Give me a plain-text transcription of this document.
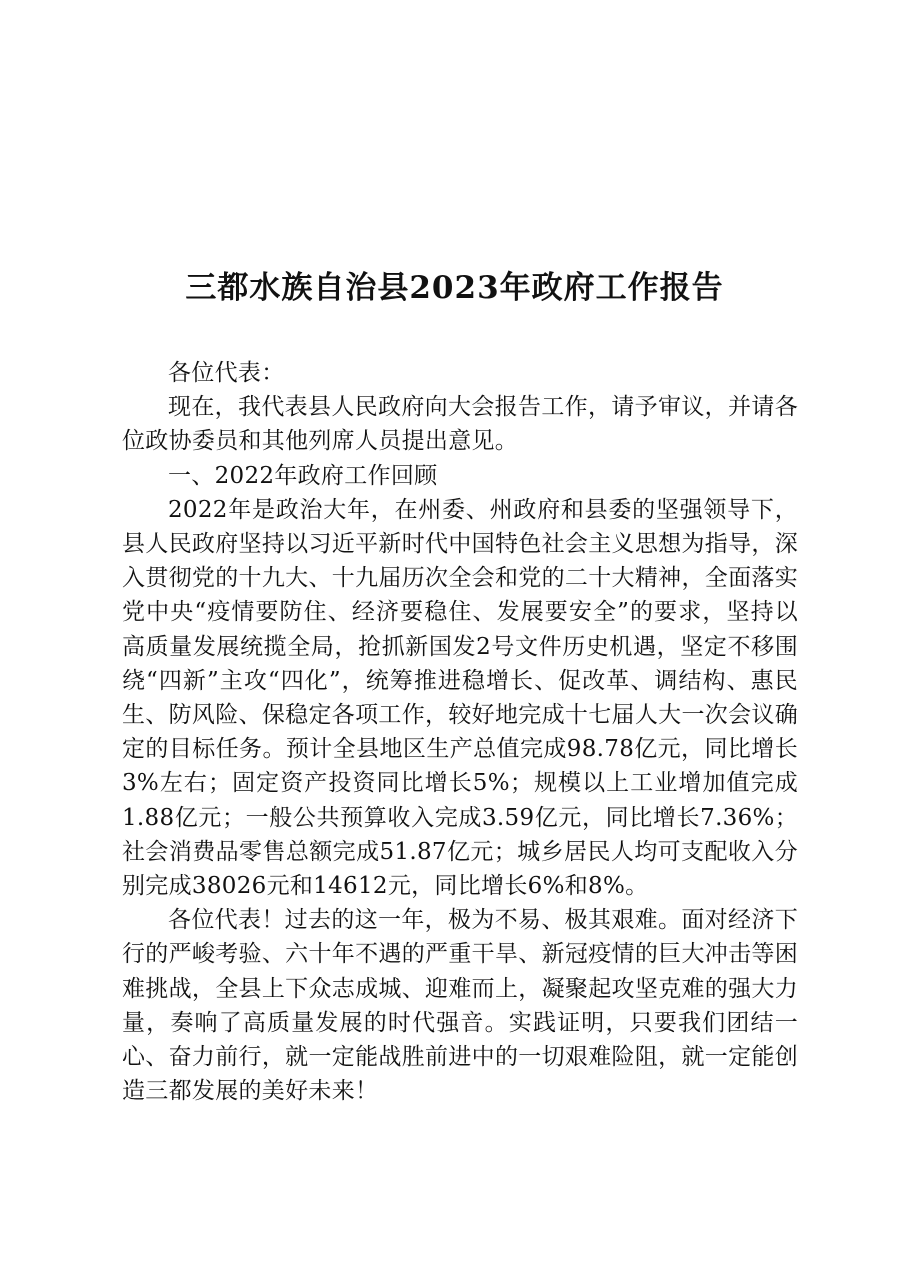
三都水族自治县2023年政府工作报告

各位代表：

现在，我代表县人民政府向大会报告工作，请予审议，并请各位政协委员和其他列席人员提出意见。

一、2022年政府工作回顾

2022年是政治大年，在州委、州政府和县委的坚强领导下，县人民政府坚持以习近平新时代中国特色社会主义思想为指导，深入贯彻党的十九大、十九届历次全会和党的二十大精神，全面落实党中央“疫情要防住、经济要稳住、发展要安全”的要求，坚持以高质量发展统揽全局，抢抓新国发2号文件历史机遇，坚定不移围绕“四新”主攻“四化”，统筹推进稳增长、促改革、调结构、惠民生、防风险、保稳定各项工作，较好地完成十七届人大一次会议确定的目标任务。预计全县地区生产总值完成98.78亿元，同比增长3%左右；固定资产投资同比增长5%；规模以上工业增加值完成1.88亿元；一般公共预算收入完成3.59亿元，同比增长7.36%；社会消费品零售总额完成51.87亿元；城乡居民人均可支配收入分别完成38026元和14612元，同比增长6%和8%。

各位代表！过去的这一年，极为不易、极其艰难。面对经济下行的严峻考验、六十年不遇的严重干旱、新冠疫情的巨大冲击等困难挑战，全县上下众志成城、迎难而上，凝聚起攻坚克难的强大力量，奏响了高质量发展的时代强音。实践证明，只要我们团结一心、奋力前行，就一定能战胜前进中的一切艰难险阻，就一定能创造三都发展的美好未来！
